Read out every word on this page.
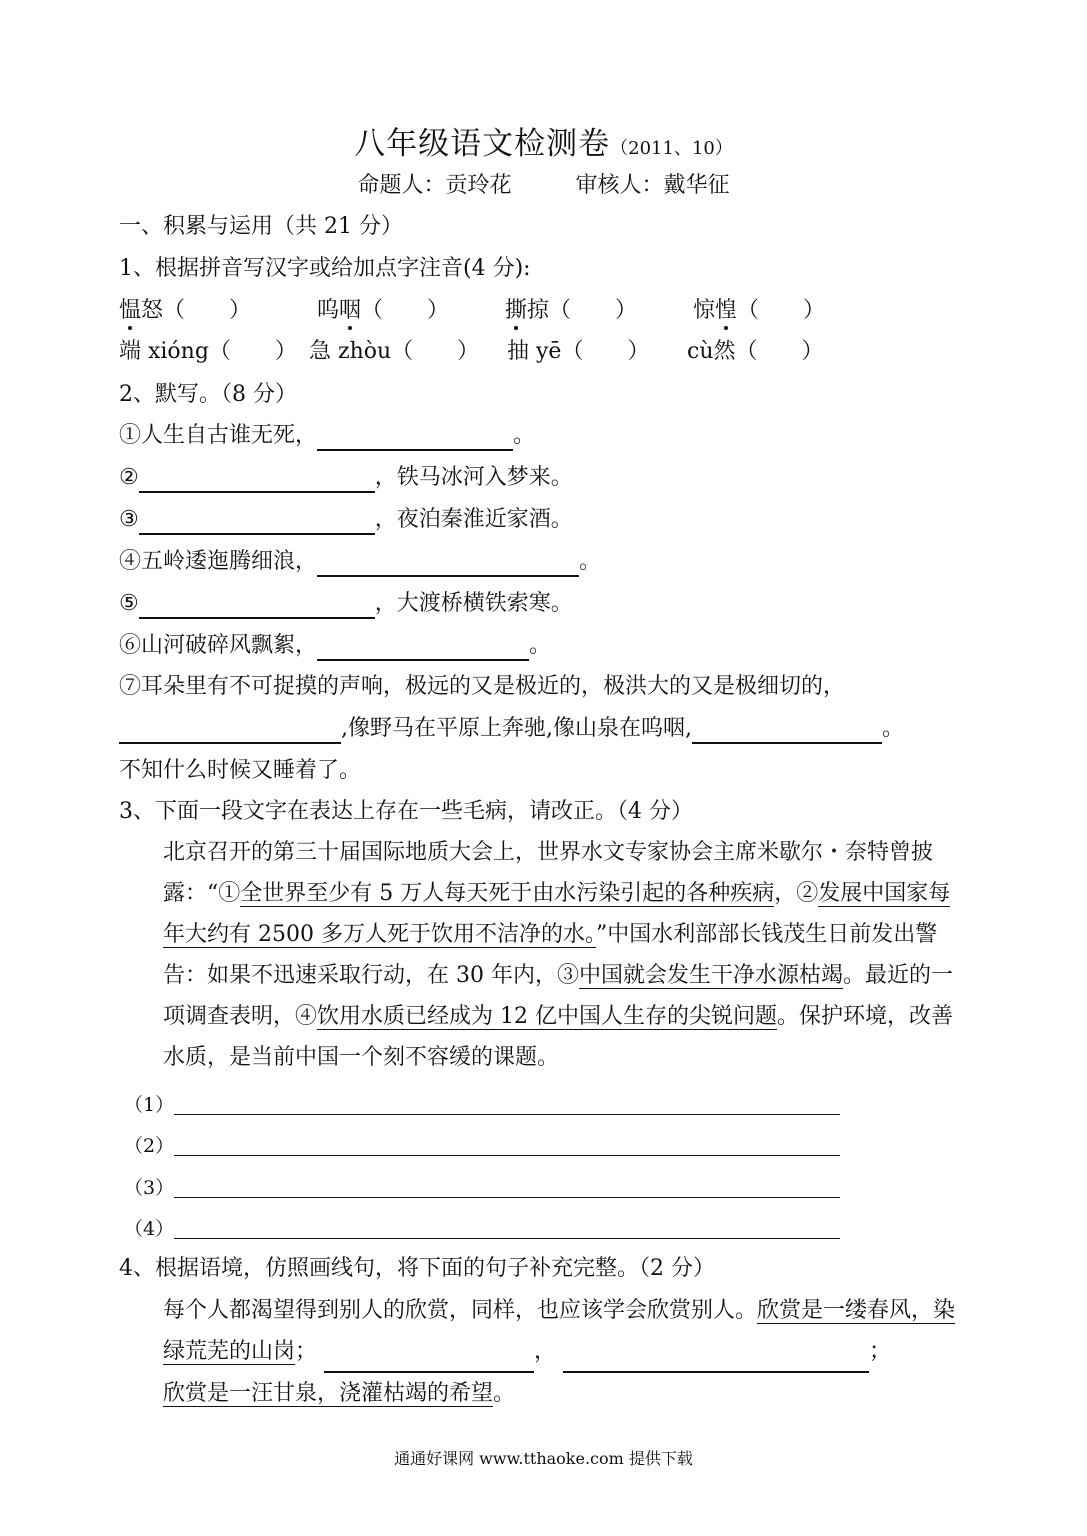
八年级语文检测卷（2011、10）
命题人：贡玲花	审核人：戴华征
一、积累与运用（共 21 分）
1、根据拼音写汉字或给加点字注音(4 分):
愠怒（　　）	呜咽（　　）	撕掠（　　）	惊惶（　　）
端 xióng（　　） 急 zhòu（　　） 抽 yē（　　） cù然（　　）
2、默写。（8 分）
①人生自古谁无死，	。
②	，铁马冰河入梦来。
③	，夜泊秦淮近家酒。
④五岭逶迤腾细浪，	。
⑤	，大渡桥横铁索寒。
⑥山河破碎风飘絮，	。
⑦耳朵里有不可捉摸的声响，极远的又是极近的，极洪大的又是极细切的，
,像野马在平原上奔驰,像山泉在呜咽,	。
不知什么时候又睡着了。
3、下面一段文字在表达上存在一些毛病，请改正。（4 分）

北京召开的第三十届国际地质大会上，世界水文专家协会主席米歇尔・奈特曾披露：“①全世界至少有 5 万人每天死于由水污染引起的各种疾病，②发展中国家每年大约有 2500 多万人死于饮用不洁净的水。”中国水利部部长钱茂生日前发出警告：如果不迅速采取行动，在 30 年内，③中国就会发生干净水源枯竭。最近的一项调查表明，④饮用水质已经成为 12 亿中国人生存的尖锐问题。保护环境，改善水质，是当前中国一个刻不容缓的课题。

（1）
（2）
（3）
（4）
4、根据语境，仿照画线句，将下面的句子补充完整。（2 分）

每个人都渴望得到别人的欣赏，同样，也应该学会欣赏别人。欣赏是一缕春风，染绿荒芜的山岗；	，	；
欣赏是一汪甘泉，浇灌枯竭的希望。

通通好课网 www.tthaoke.com 提供下载
